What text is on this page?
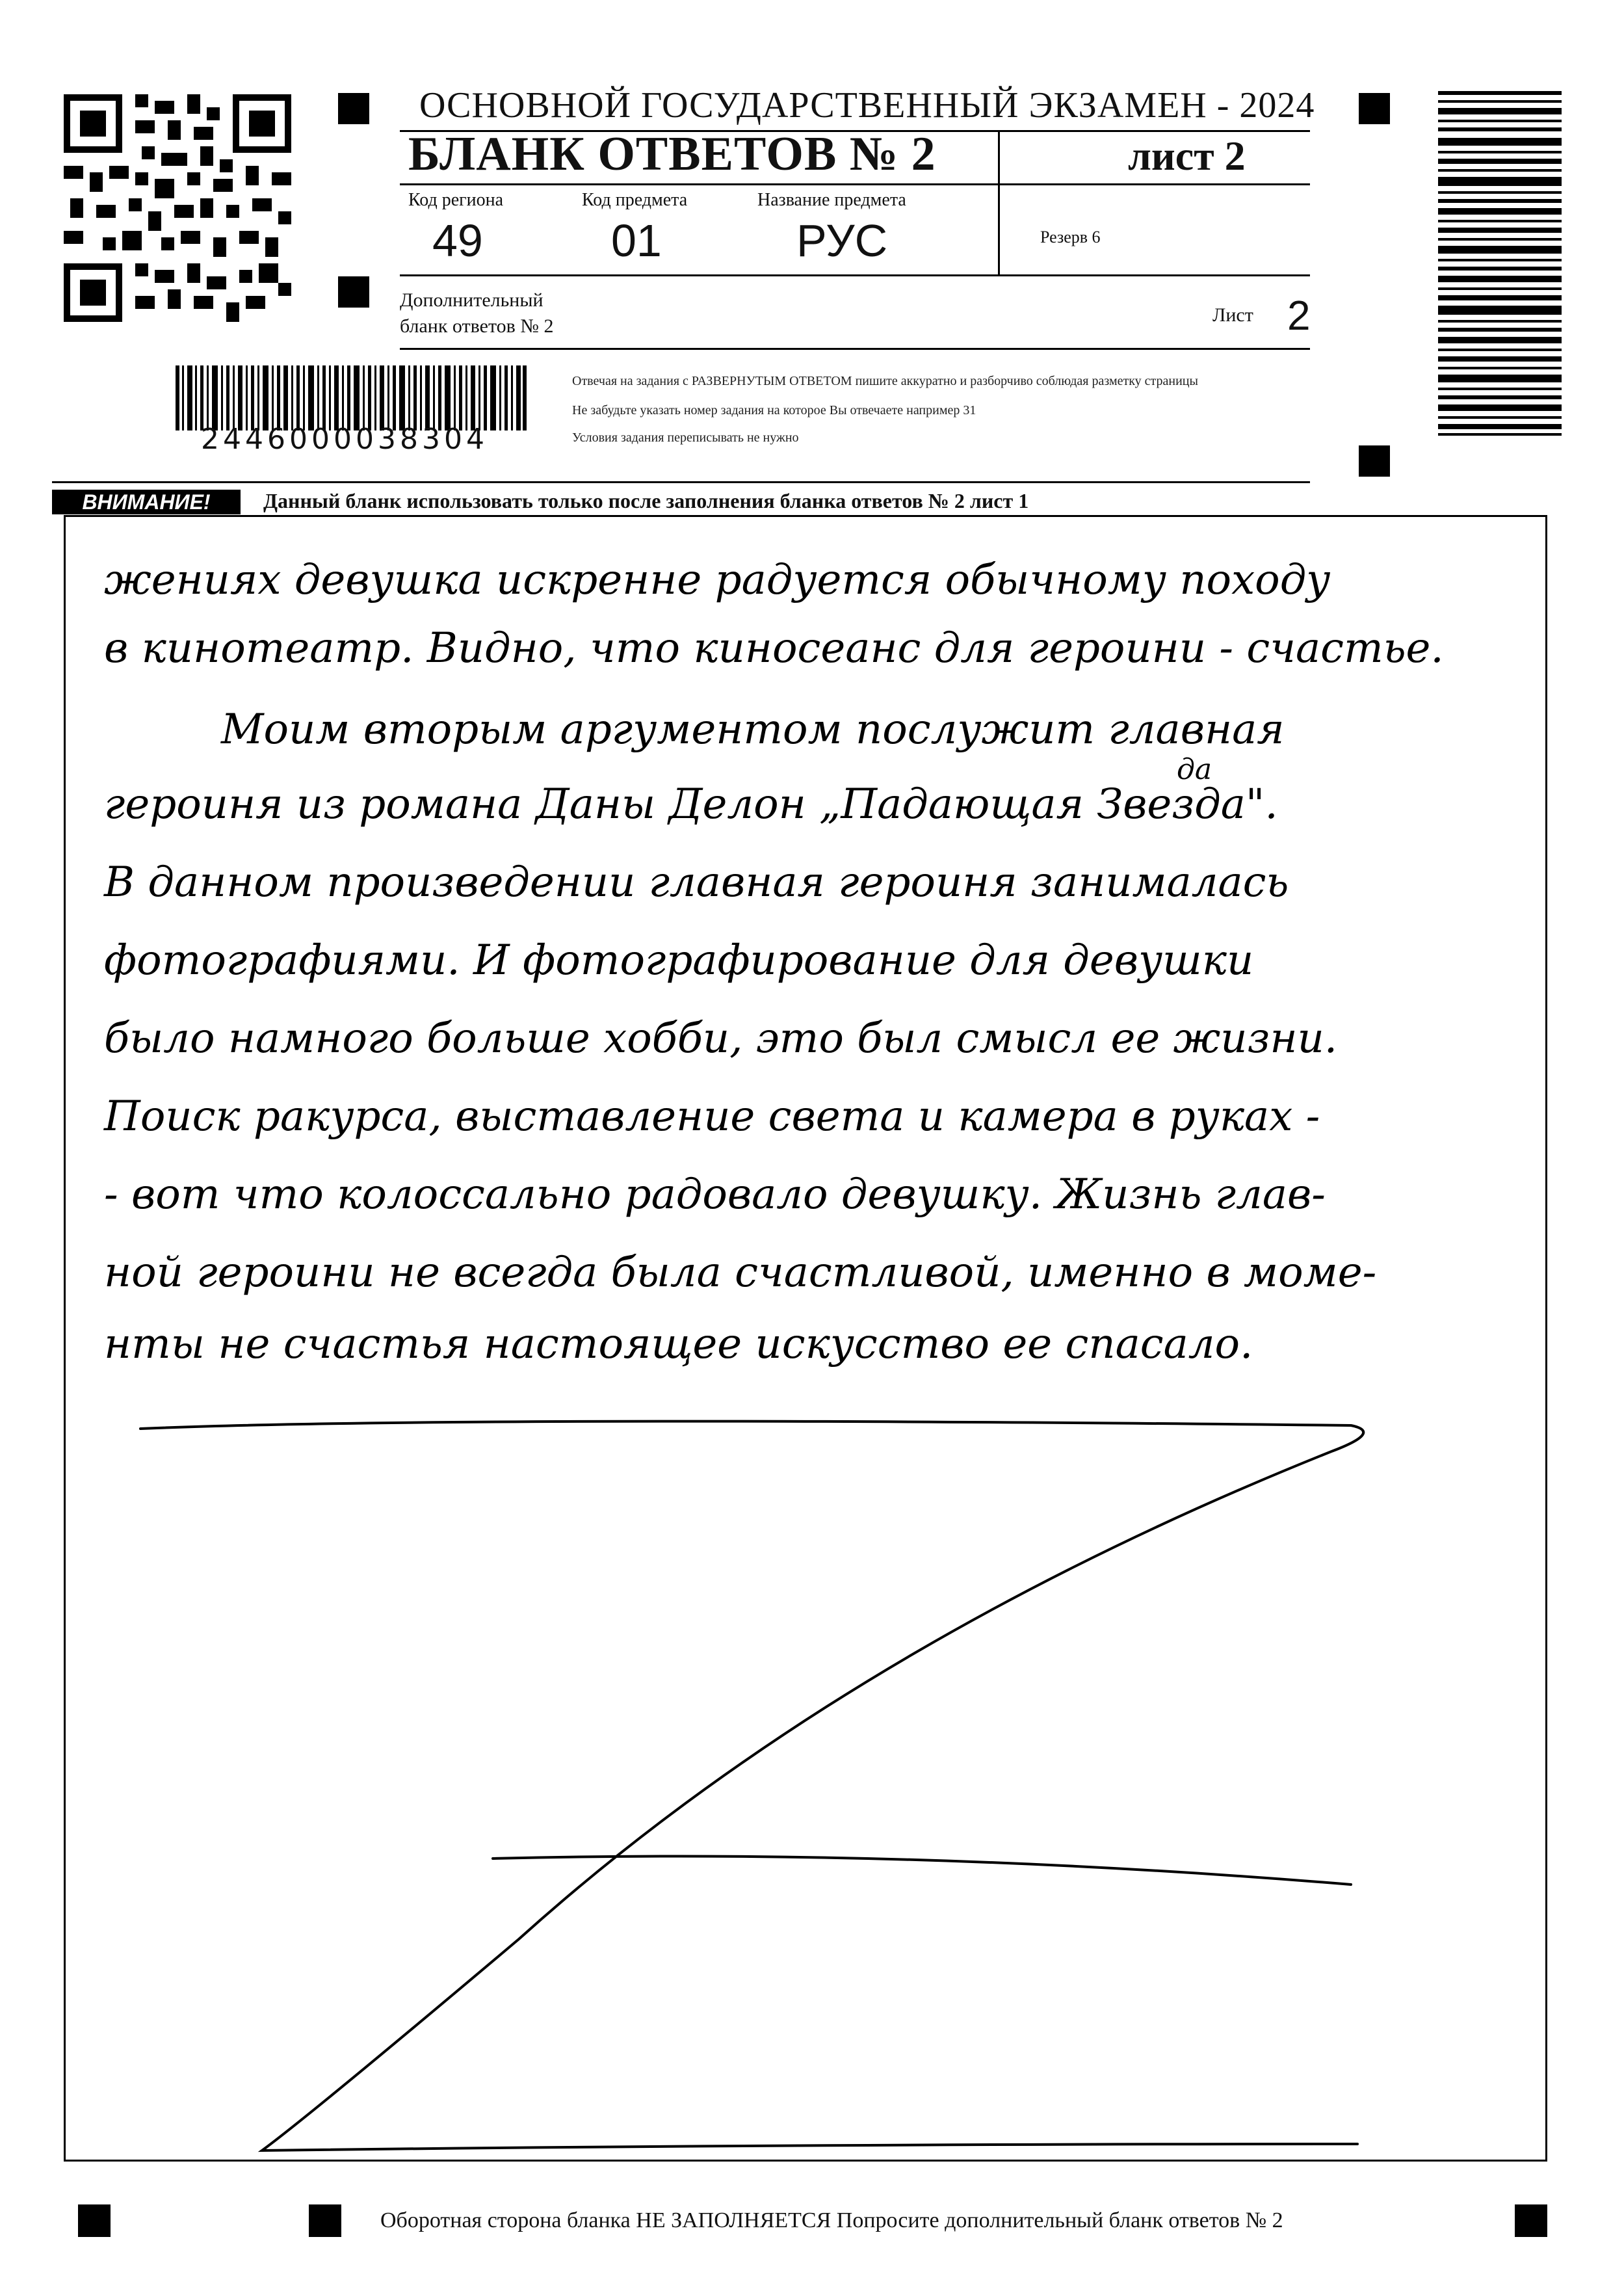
2446000038304
ОСНОВНОЙ ГОСУДАРСТВЕННЫЙ ЭКЗАМЕН - 2024
БЛАНК ОТВЕТОВ № 2	лист 2
Код региона
49
Код предмета
01
Название предмета
РУС	Резерв 6
Дополнительный
бланк ответов № 2
Лист 2
Отвечая на задания с РАЗВЕРНУТЫМ ОТВЕТОМ пишите аккуратно и разборчиво соблюдая разметку страницы
Не забудьте указать номер задания на которое Вы отвечаете например 31
Условия задания переписывать не нужно
ВНИМАНИЕ!	Данный бланк использовать только после заполнения бланка ответов № 2 лист 1
жениях девушка искренне радуется обычному походу
в кинотеатр. Видно, что киносеанс для героини - счастье.
Моим вторым аргументом послужит главная
да
героиня из романа Даны Делон „Падающая Звезда".
В данном произведении главная героиня занималась
фотографиями. И фотографирование для девушки
было намного больше хобби, это был смысл ее жизни.
Поиск ракурса, выставление света и камера в руках -
- вот что колоссально радовало девушку. Жизнь глав-
ной героини не всегда была счастливой, именно в моме-
нты не счастья настоящее искусство ее спасало.
Оборотная сторона бланка НЕ ЗАПОЛНЯЕТСЯ Попросите дополнительный бланк ответов № 2
